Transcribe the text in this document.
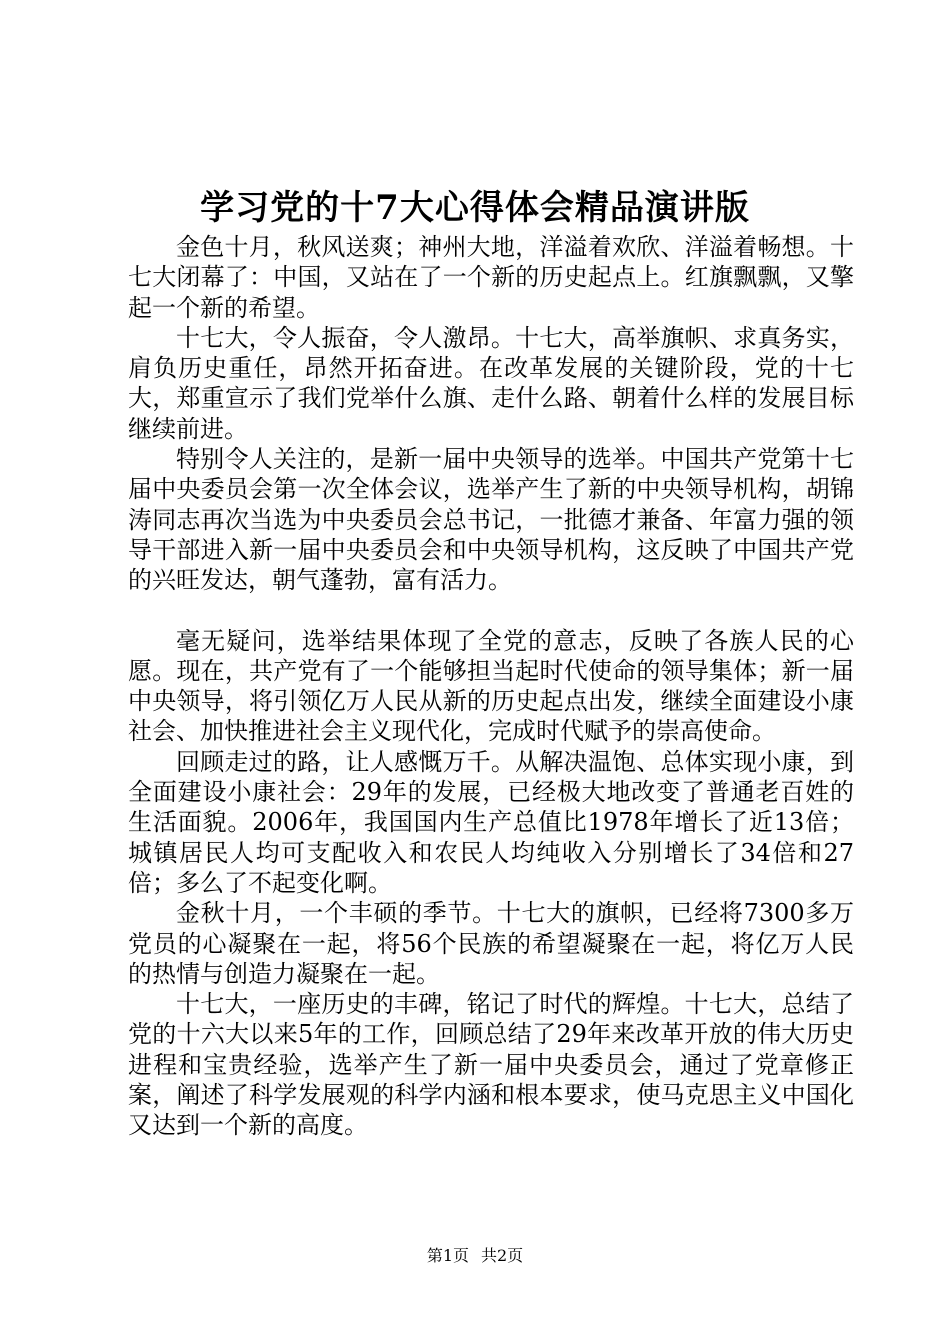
学习党的十7大心得体会精品演讲版

金色十月，秋风送爽；神州大地，洋溢着欢欣、洋溢着畅想。十七大闭幕了：中国，又站在了一个新的历史起点上。红旗飘飘，又擎起一个新的希望。

十七大，令人振奋，令人激昂。十七大，高举旗帜、求真务实，肩负历史重任，昂然开拓奋进。在改革发展的关键阶段，党的十七大，郑重宣示了我们党举什么旗、走什么路、朝着什么样的发展目标继续前进。

特别令人关注的，是新一届中央领导的选举。中国共产党第十七届中央委员会第一次全体会议，选举产生了新的中央领导机构，胡锦涛同志再次当选为中央委员会总书记，一批德才兼备、年富力强的领导干部进入新一届中央委员会和中央领导机构，这反映了中国共产党的兴旺发达，朝气蓬勃，富有活力。

毫无疑问，选举结果体现了全党的意志，反映了各族人民的心愿。现在，共产党有了一个能够担当起时代使命的领导集体；新一届中央领导，将引领亿万人民从新的历史起点出发，继续全面建设小康社会、加快推进社会主义现代化，完成时代赋予的崇高使命。

回顾走过的路，让人感慨万千。从解决温饱、总体实现小康，到全面建设小康社会：29年的发展，已经极大地改变了普通老百姓的生活面貌。2006年，我国国内生产总值比1978年增长了近13倍；城镇居民人均可支配收入和农民人均纯收入分别增长了34倍和27倍；多么了不起变化啊。

金秋十月，一个丰硕的季节。十七大的旗帜，已经将7300多万党员的心凝聚在一起，将56个民族的希望凝聚在一起，将亿万人民的热情与创造力凝聚在一起。

十七大，一座历史的丰碑，铭记了时代的辉煌。十七大，总结了党的十六大以来5年的工作，回顾总结了29年来改革开放的伟大历史进程和宝贵经验，选举产生了新一届中央委员会，通过了党章修正案，阐述了科学发展观的科学内涵和根本要求，使马克思主义中国化又达到一个新的高度。

第1页 共2页
